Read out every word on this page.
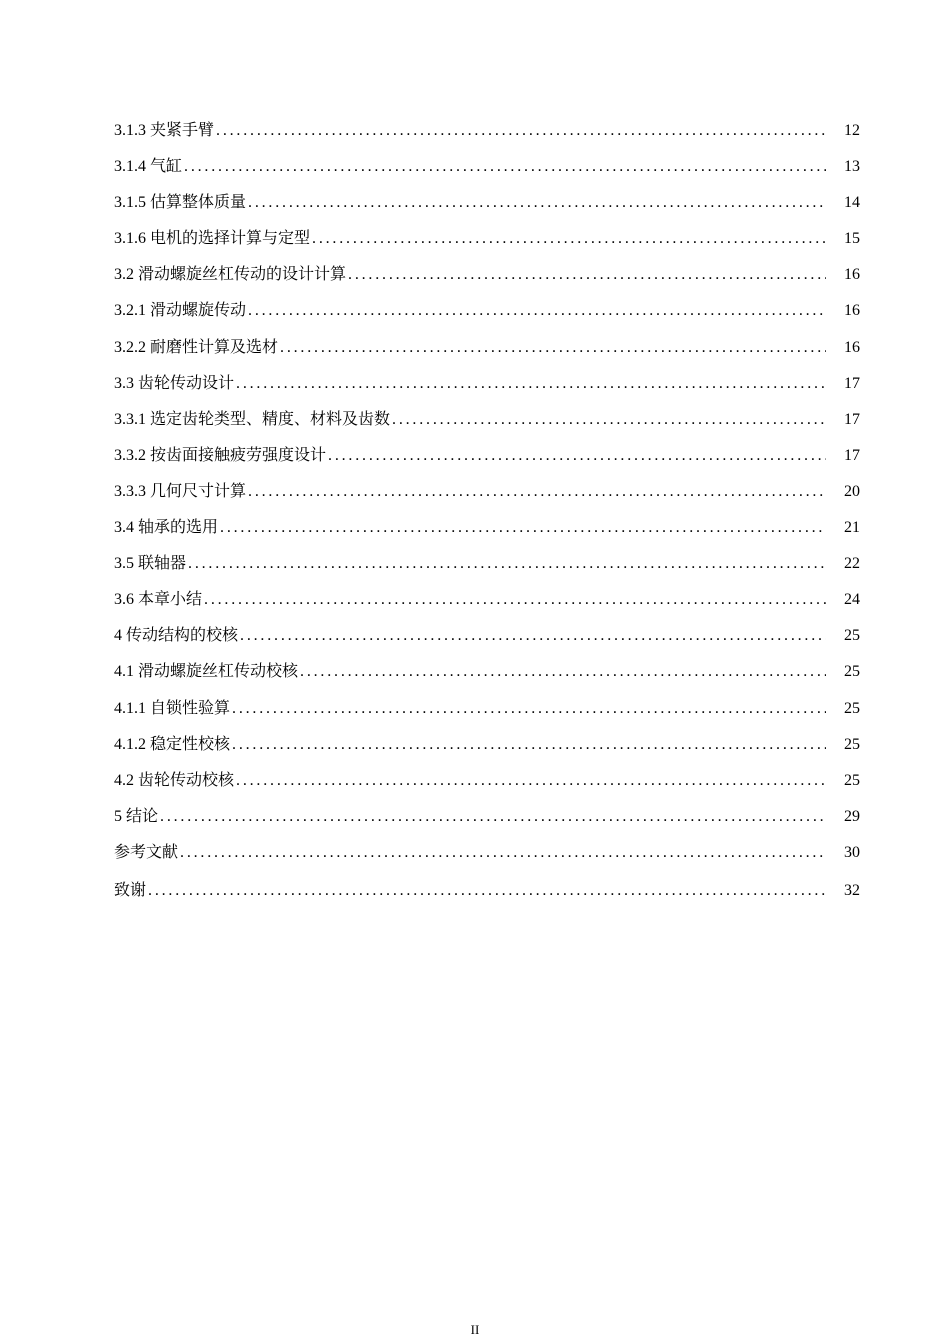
3.1.3 夹紧手臂 . . .	12
3.1.4 气缸 . . .	13
3.1.5 估算整体质量 . . .	14
3.1.6 电机的选择计算与定型 . . .	15
3.2 滑动螺旋丝杠传动的设计计算 . . .	16
3.2.1 滑动螺旋传动 . . .	16
3.2.2 耐磨性计算及选材 . . .	16
3.3 齿轮传动设计 . . .	17
3.3.1 选定齿轮类型、精度、材料及齿数 . . .	17
3.3.2 按齿面接触疲劳强度设计 . . .	17
3.3.3 几何尺寸计算 . . .	20
3.4 轴承的选用 . . .	21
3.5 联轴器 . . .	22
3.6 本章小结 . . .	24
4 传动结构的校核 . . .	25
4.1 滑动螺旋丝杠传动校核 . . .	25
4.1.1 自锁性验算 . . .	25
4.1.2 稳定性校核 . . .	25
4.2 齿轮传动校核 . . .	25
5 结论 . . .	29
参考文献 . . .	30
致谢 . . .	32
II
